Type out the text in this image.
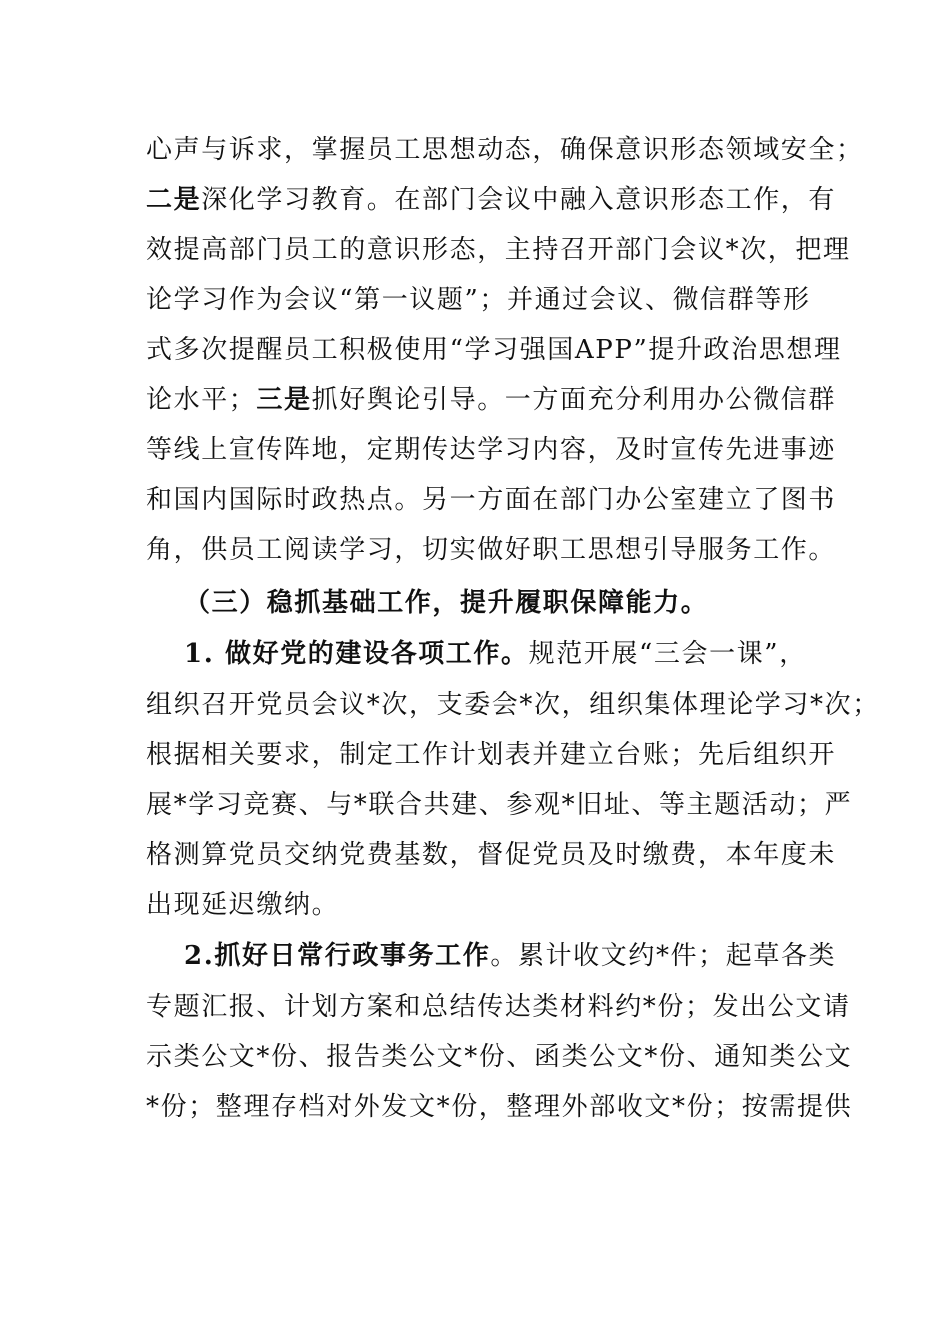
心声与诉求，掌握员工思想动态，确保意识形态领域安全；
二是深化学习教育。在部门会议中融入意识形态工作，有
效提高部门员工的意识形态，主持召开部门会议*次，把理
论学习作为会议“第一议题”；并通过会议、微信群等形
式多次提醒员工积极使用“学习强国APP”提升政治思想理
论水平；三是抓好舆论引导。一方面充分利用办公微信群
等线上宣传阵地，定期传达学习内容，及时宣传先进事迹
和国内国际时政热点。另一方面在部门办公室建立了图书
角，供员工阅读学习，切实做好职工思想引导服务工作。
（三）稳抓基础工作，提升履职保障能力。
1. 做好党的建设各项工作。规范开展“三会一课”，
组织召开党员会议*次，支委会*次，组织集体理论学习*次；
根据相关要求，制定工作计划表并建立台账；先后组织开
展*学习竞赛、与*联合共建、参观*旧址、等主题活动；严
格测算党员交纳党费基数，督促党员及时缴费，本年度未
出现延迟缴纳。
2.抓好日常行政事务工作。累计收文约*件；起草各类
专题汇报、计划方案和总结传达类材料约*份；发出公文请
示类公文*份、报告类公文*份、函类公文*份、通知类公文
*份；整理存档对外发文*份，整理外部收文*份；按需提供
